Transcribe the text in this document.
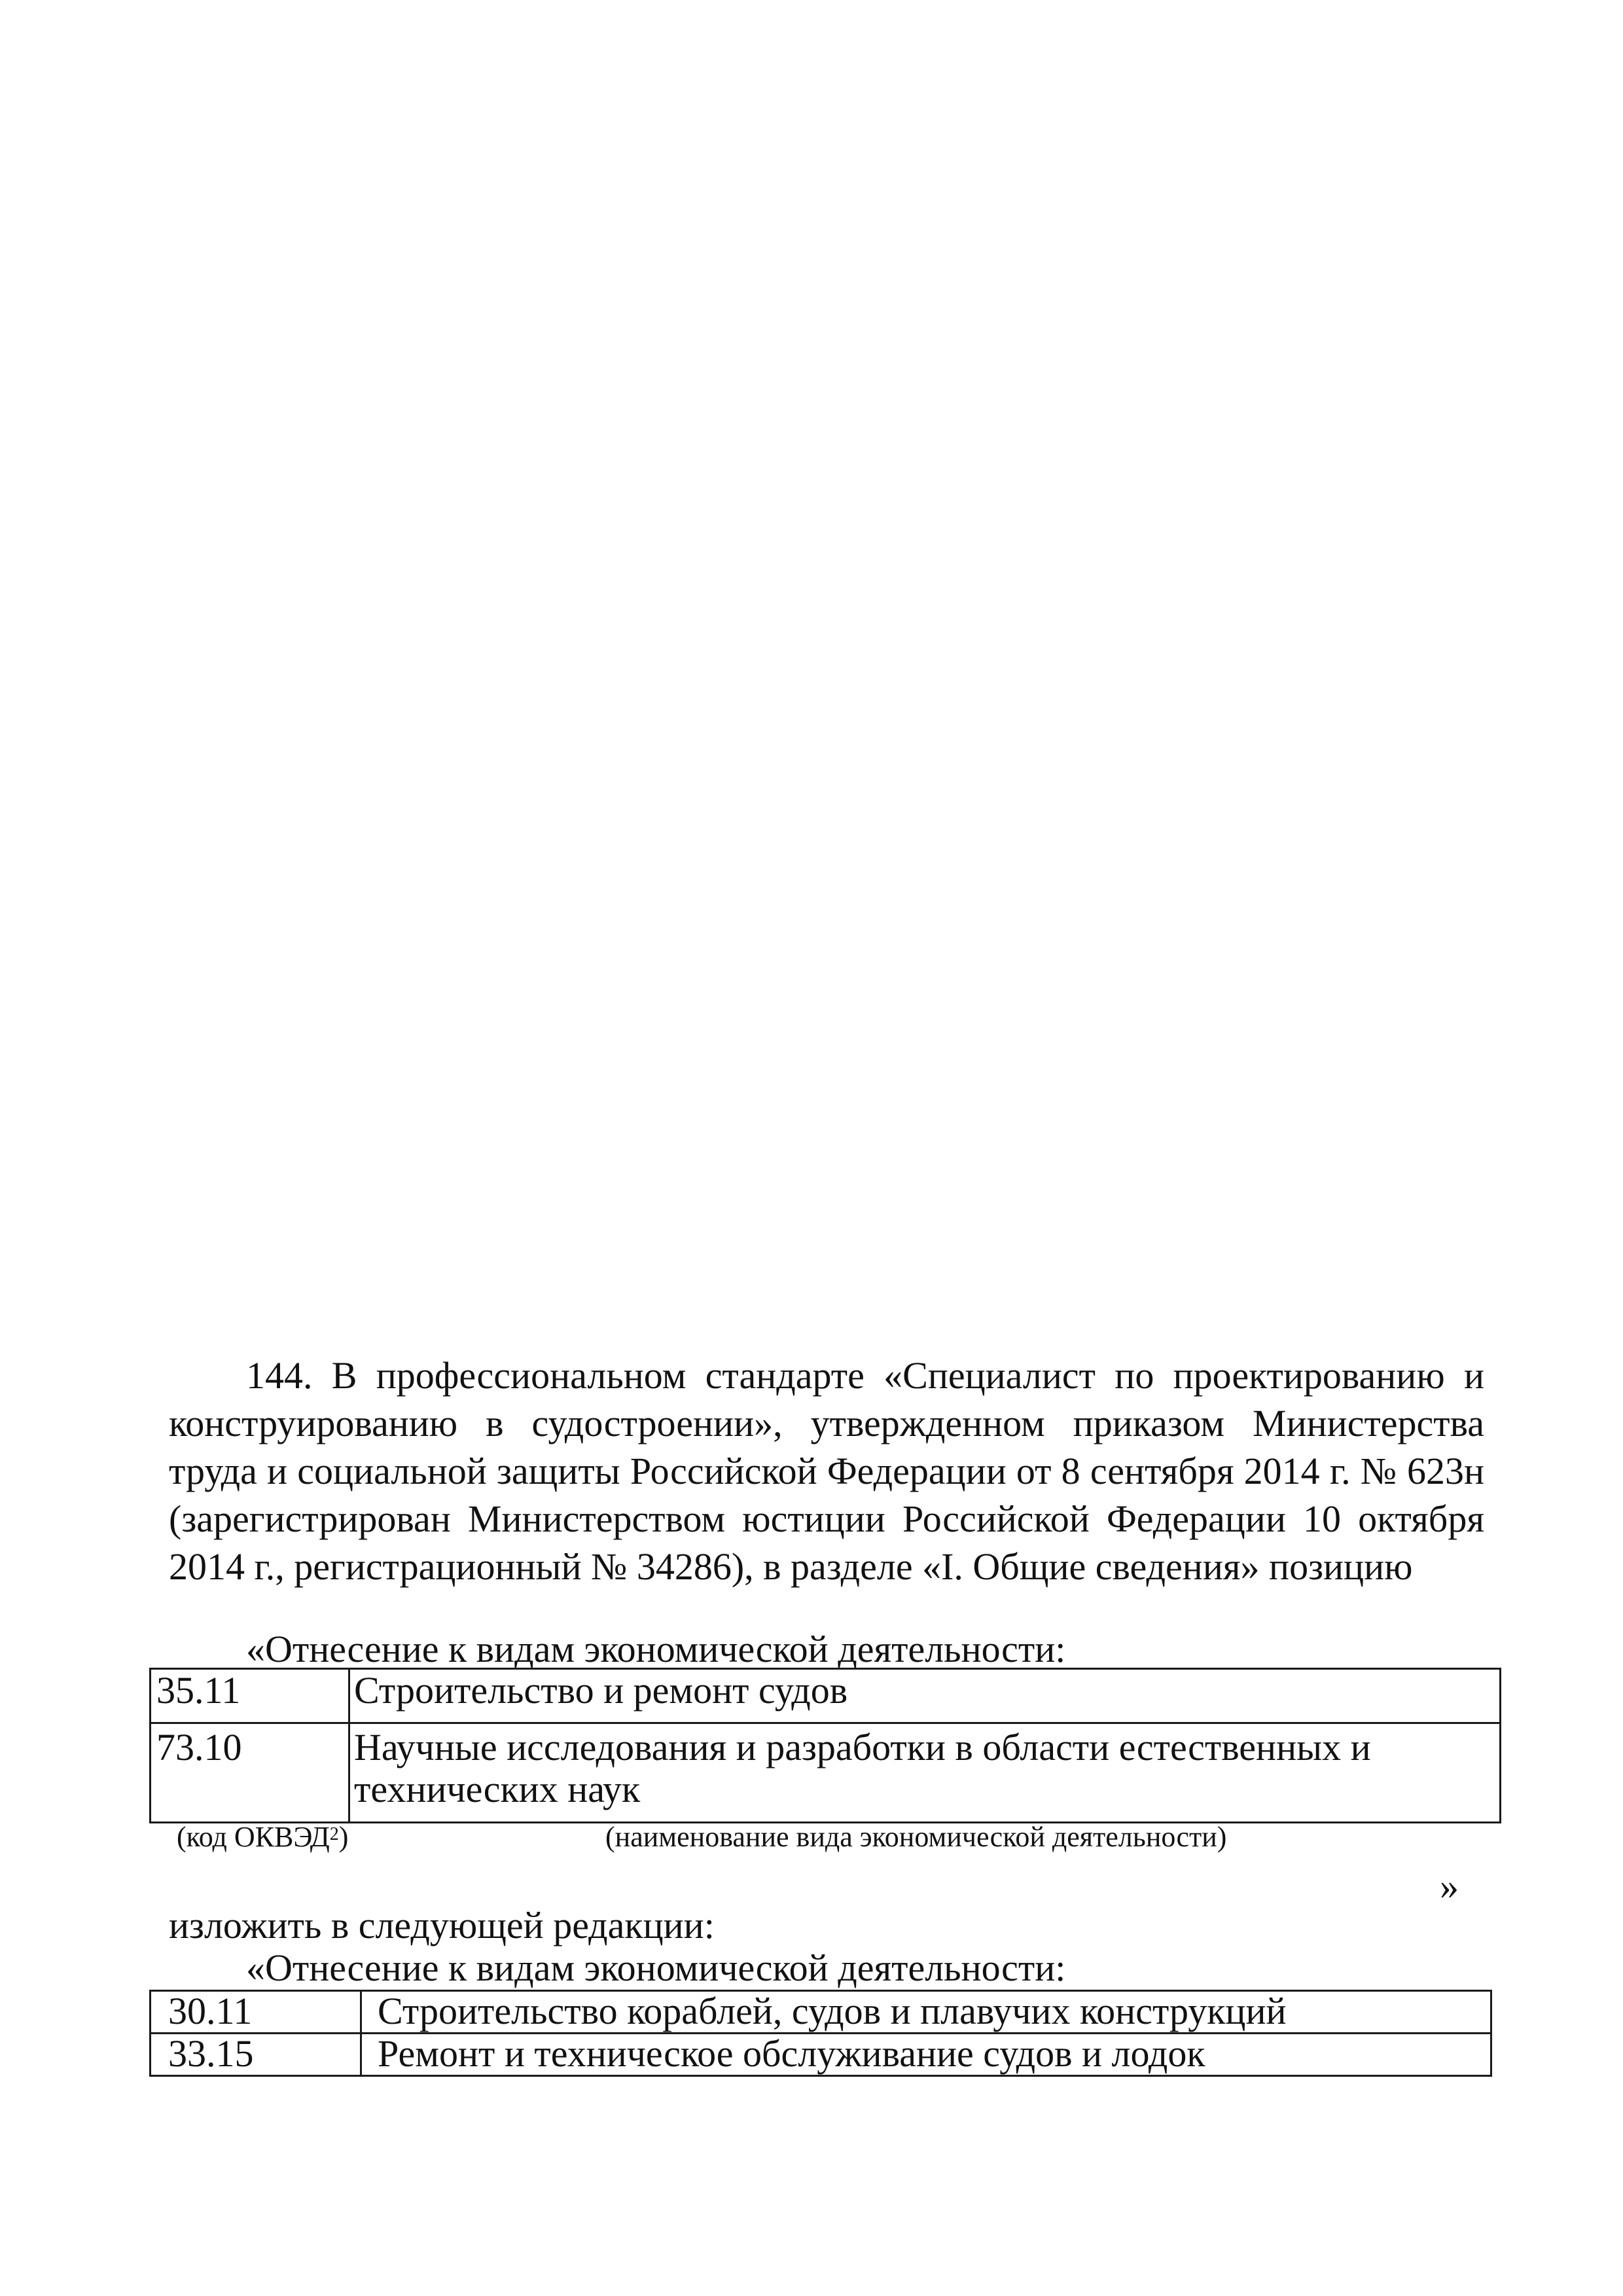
144. В профессиональном стандарте «Специалист по проектированию и конструированию в судостроении», утвержденном приказом Министерства труда и социальной защиты Российской Федерации от 8 сентября 2014 г. № 623н (зарегистрирован Министерством юстиции Российской Федерации 10 октября 2014 г., регистрационный № 34286), в разделе «I. Общие сведения» позицию

«Отнесение к видам экономической деятельности:

35.11	Строительство и ремонт судов
73.10	Научные исследования и разработки в области естественных и технических наук
(код ОКВЭД$^2$)	(наименование вида экономической деятельности)
»
изложить в следующей редакции:

«Отнесение к видам экономической деятельности:

30.11	Строительство кораблей, судов и плавучих конструкций
33.15	Ремонт и техническое обслуживание судов и лодок
